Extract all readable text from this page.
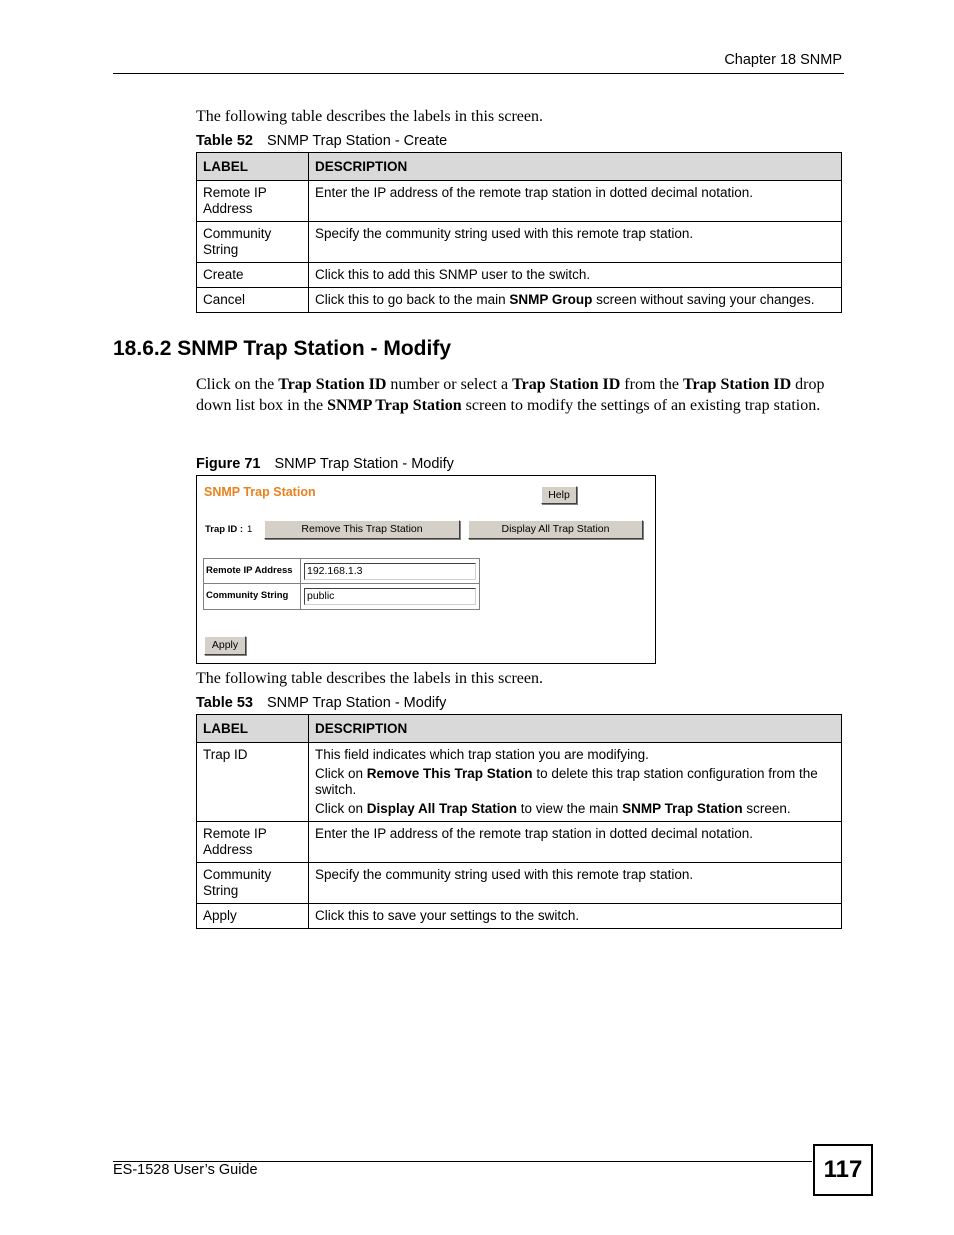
Chapter 18 SNMP
The following table describes the labels in this screen.
Table 52 SNMP Trap Station - Create
LABEL	DESCRIPTION
Remote IP Address	Enter the IP address of the remote trap station in dotted decimal notation.
Community String	Specify the community string used with this remote trap station.
Create	Click this to add this SNMP user to the switch.
Cancel	Click this to go back to the main SNMP Group screen without saving your changes.
18.6.2 SNMP Trap Station - Modify
Click on the Trap Station ID number or select a Trap Station ID from the Trap Station ID drop down list box in the SNMP Trap Station screen to modify the settings of an existing trap station.
Figure 71 SNMP Trap Station - Modify
SNMP Trap Station	Help
Trap ID : 1	Remove This Trap Station	Display All Trap Station
Remote IP Address 192.168.1.3
Community String public
Apply
The following table describes the labels in this screen.
Table 53 SNMP Trap Station - Modify
LABEL	DESCRIPTION
Trap ID	This field indicates which trap station you are modifying.

Click on Remove This Trap Station to delete this trap station configuration from the switch.

Click on Display All Trap Station to view the main SNMP Trap Station screen.

Remote IP Address	Enter the IP address of the remote trap station in dotted decimal notation.
Community String	Specify the community string used with this remote trap station.
Apply	Click this to save your settings to the switch.
ES-1528 User’s Guide	117
